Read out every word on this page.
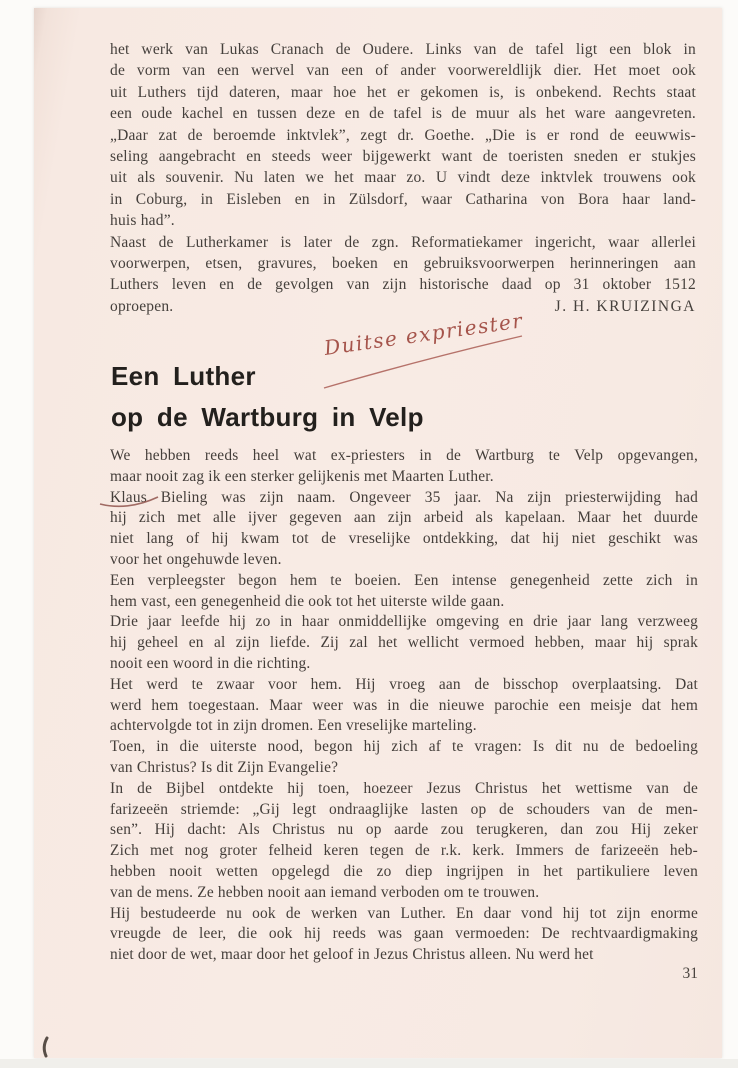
het werk van Lukas Cranach de Oudere. Links van de tafel ligt een blok in
de vorm van een wervel van een of ander voorwereldlijk dier. Het moet ook
uit Luthers tijd dateren, maar hoe het er gekomen is, is onbekend. Rechts staat
een oude kachel en tussen deze en de tafel is de muur als het ware aangevreten.
„Daar zat de beroemde inktvlek”, zegt dr. Goethe. „Die is er rond de eeuwwis-
seling aangebracht en steeds weer bijgewerkt want de toeristen sneden er stukjes
uit als souvenir. Nu laten we het maar zo. U vindt deze inktvlek trouwens ook
in Coburg, in Eisleben en in Zülsdorf, waar Catharina von Bora haar land-
huis had”.
Naast de Lutherkamer is later de zgn. Reformatiekamer ingericht, waar allerlei
voorwerpen, etsen, gravures, boeken en gebruiksvoorwerpen herinneringen aan
Luthers leven en de gevolgen van zijn historische daad op 31 oktober 1512
oproepen.	J. H. KRUIZINGA
Duitse expriester
Een Luther
op de Wartburg in Velp
We hebben reeds heel wat ex-priesters in de Wartburg te Velp opgevangen,
maar nooit zag ik een sterker gelijkenis met Maarten Luther.
Klaus Bieling was zijn naam. Ongeveer 35 jaar. Na zijn priesterwijding had
hij zich met alle ijver gegeven aan zijn arbeid als kapelaan. Maar het duurde
niet lang of hij kwam tot de vreselijke ontdekking, dat hij niet geschikt was
voor het ongehuwde leven.
Een verpleegster begon hem te boeien. Een intense genegenheid zette zich in
hem vast, een genegenheid die ook tot het uiterste wilde gaan.
Drie jaar leefde hij zo in haar onmiddellijke omgeving en drie jaar lang verzweeg
hij geheel en al zijn liefde. Zij zal het wellicht vermoed hebben, maar hij sprak
nooit een woord in die richting.
Het werd te zwaar voor hem. Hij vroeg aan de bisschop overplaatsing. Dat
werd hem toegestaan. Maar weer was in die nieuwe parochie een meisje dat hem
achtervolgde tot in zijn dromen. Een vreselijke marteling.
Toen, in die uiterste nood, begon hij zich af te vragen: Is dit nu de bedoeling
van Christus? Is dit Zijn Evangelie?
In de Bijbel ontdekte hij toen, hoezeer Jezus Christus het wettisme van de
farizeeën striemde: „Gij legt ondraaglijke lasten op de schouders van de men-
sen”. Hij dacht: Als Christus nu op aarde zou terugkeren, dan zou Hij zeker
Zich met nog groter felheid keren tegen de r.k. kerk. Immers de farizeeën heb-
hebben nooit wetten opgelegd die zo diep ingrijpen in het partikuliere leven
van de mens. Ze hebben nooit aan iemand verboden om te trouwen.
Hij bestudeerde nu ook de werken van Luther. En daar vond hij tot zijn enorme
vreugde de leer, die ook hij reeds was gaan vermoeden: De rechtvaardigmaking
niet door de wet, maar door het geloof in Jezus Christus alleen. Nu werd het
31
